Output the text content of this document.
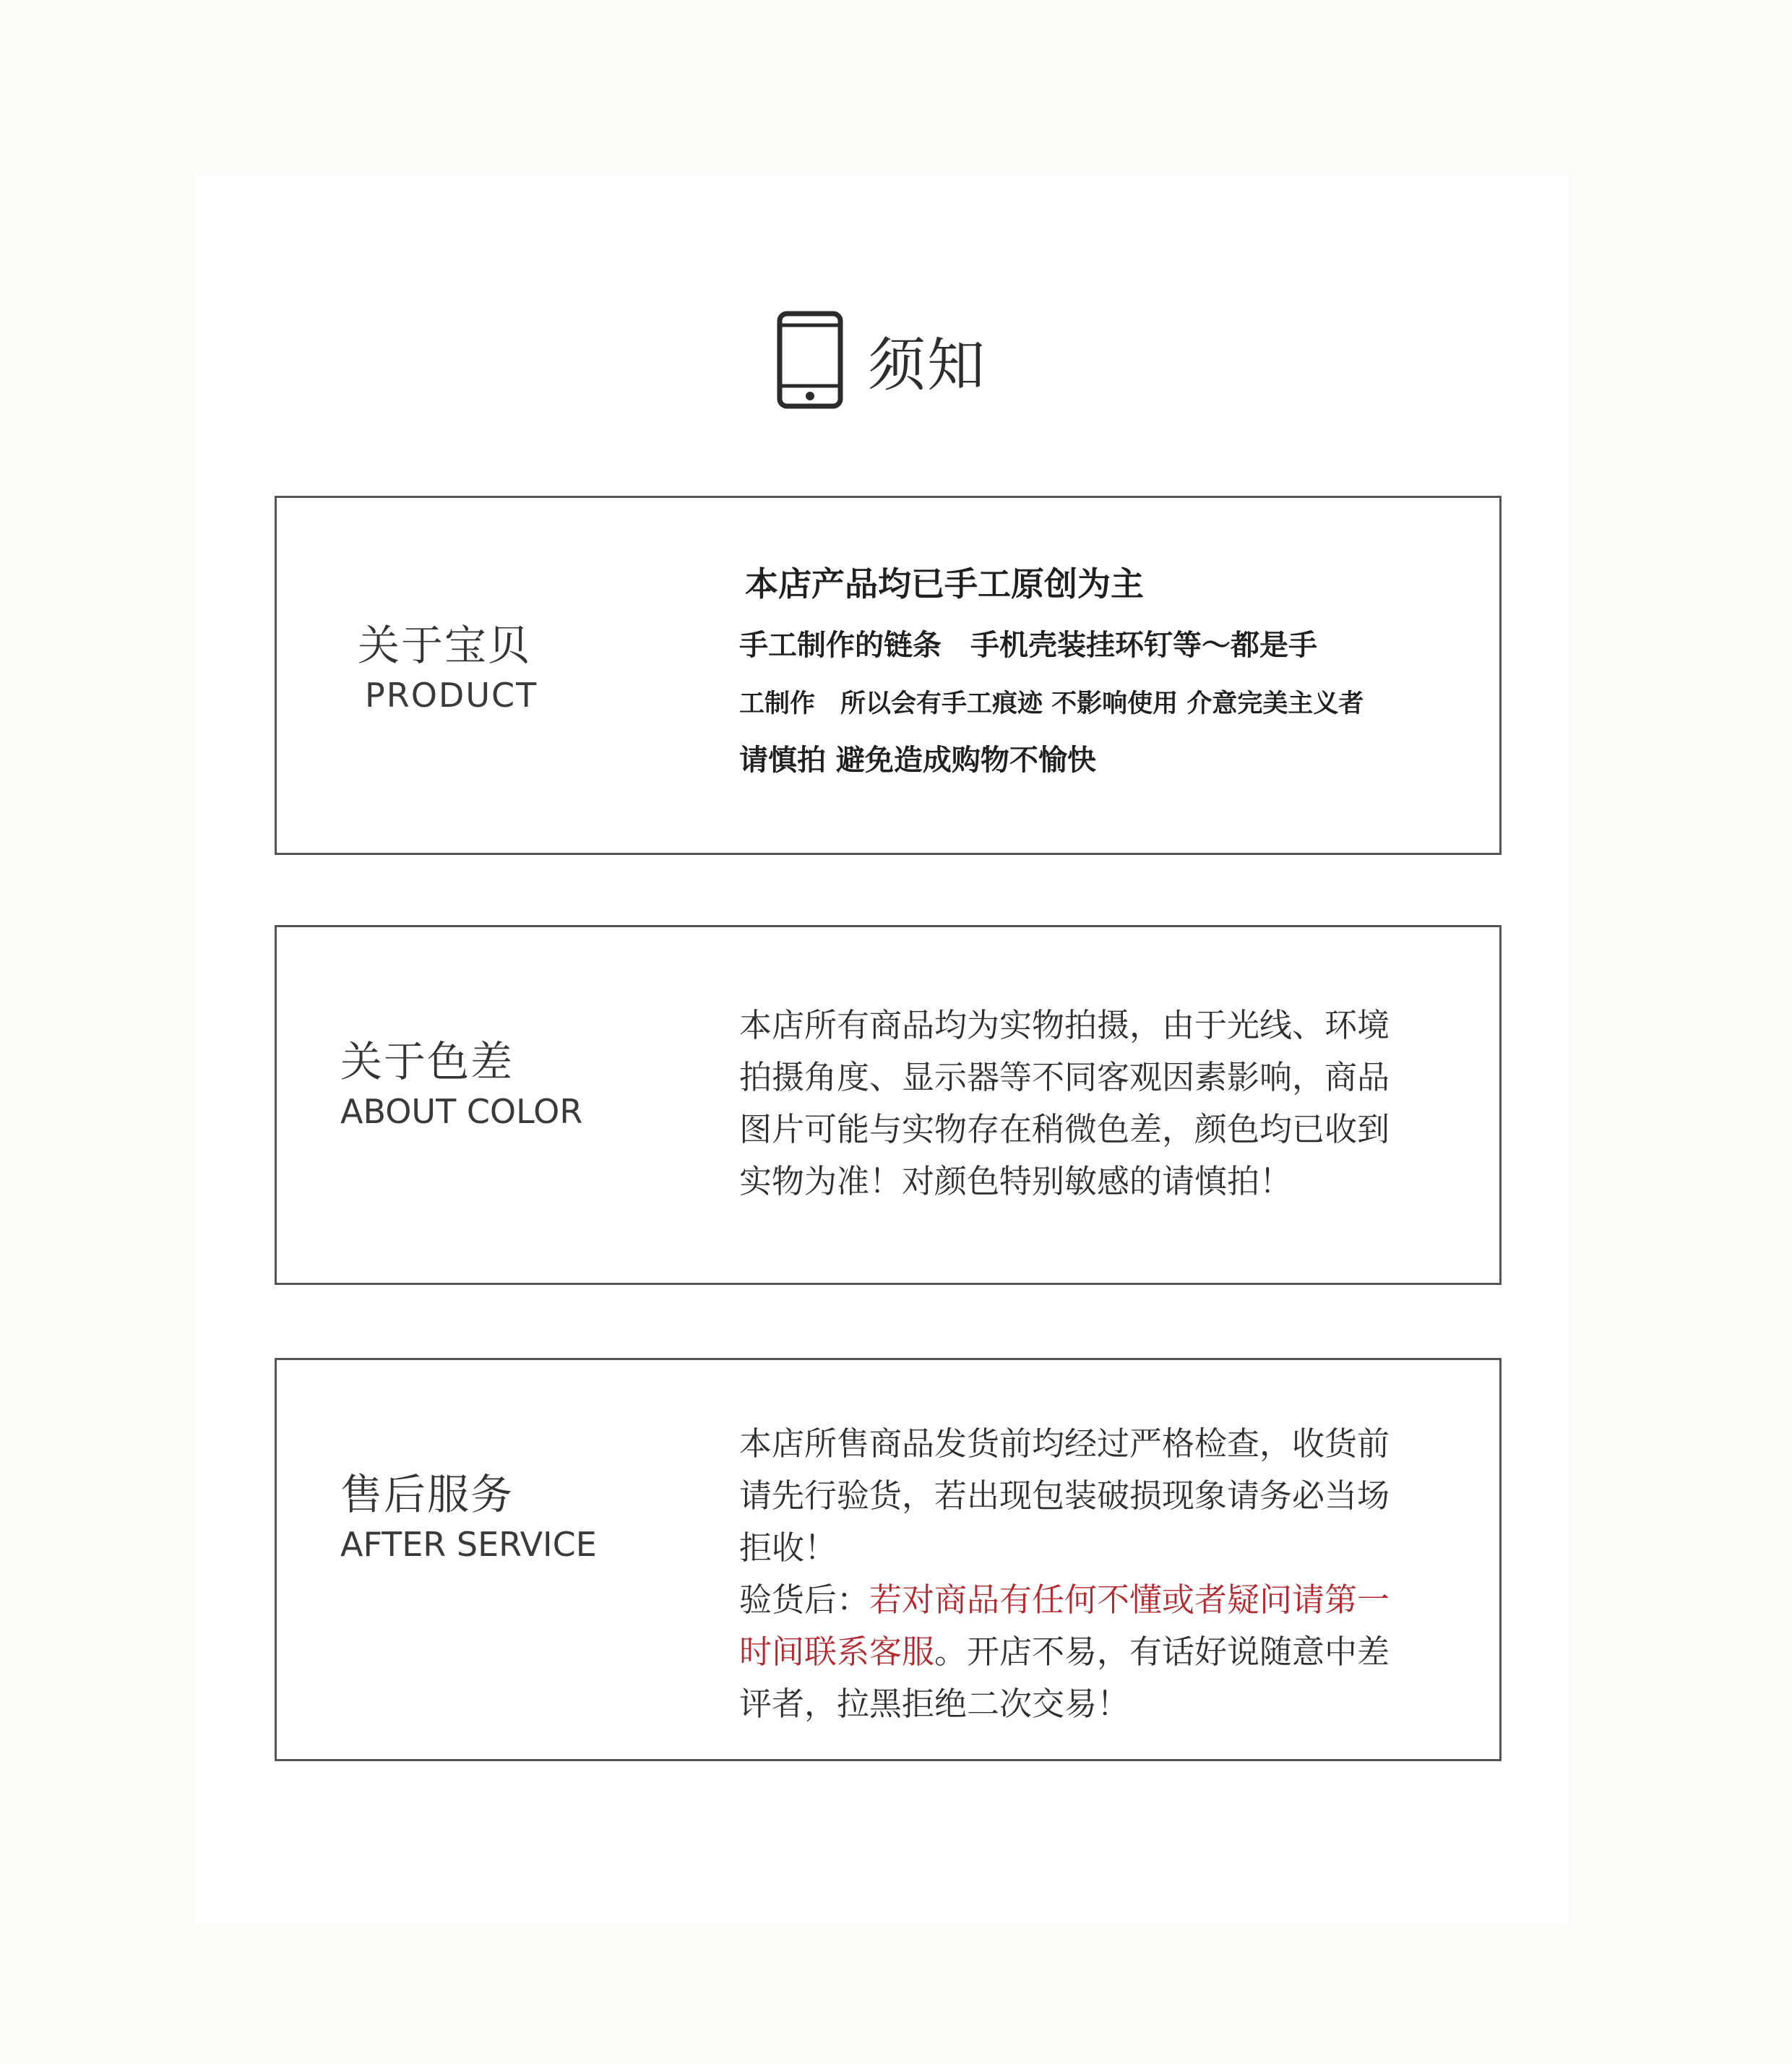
须知
关于宝贝
PRODUCT
本店产品均已手工原创为主
手工制作的链条　手机壳装挂环钉等～都是手
工制作　所以会有手工痕迹 不影响使用 介意完美主义者
请慎拍 避免造成购物不愉快
关于色差
ABOUT COLOR
本店所有商品均为实物拍摄，由于光线、环境
拍摄角度、显示器等不同客观因素影响，商品
图片可能与实物存在稍微色差，颜色均已收到
实物为准！对颜色特别敏感的请慎拍！
售后服务
AFTER SERVICE
本店所售商品发货前均经过严格检查，收货前
请先行验货，若出现包装破损现象请务必当场
拒收！
验货后：若对商品有任何不懂或者疑问请第一
时间联系客服。开店不易，有话好说随意中差
评者，拉黑拒绝二次交易！
